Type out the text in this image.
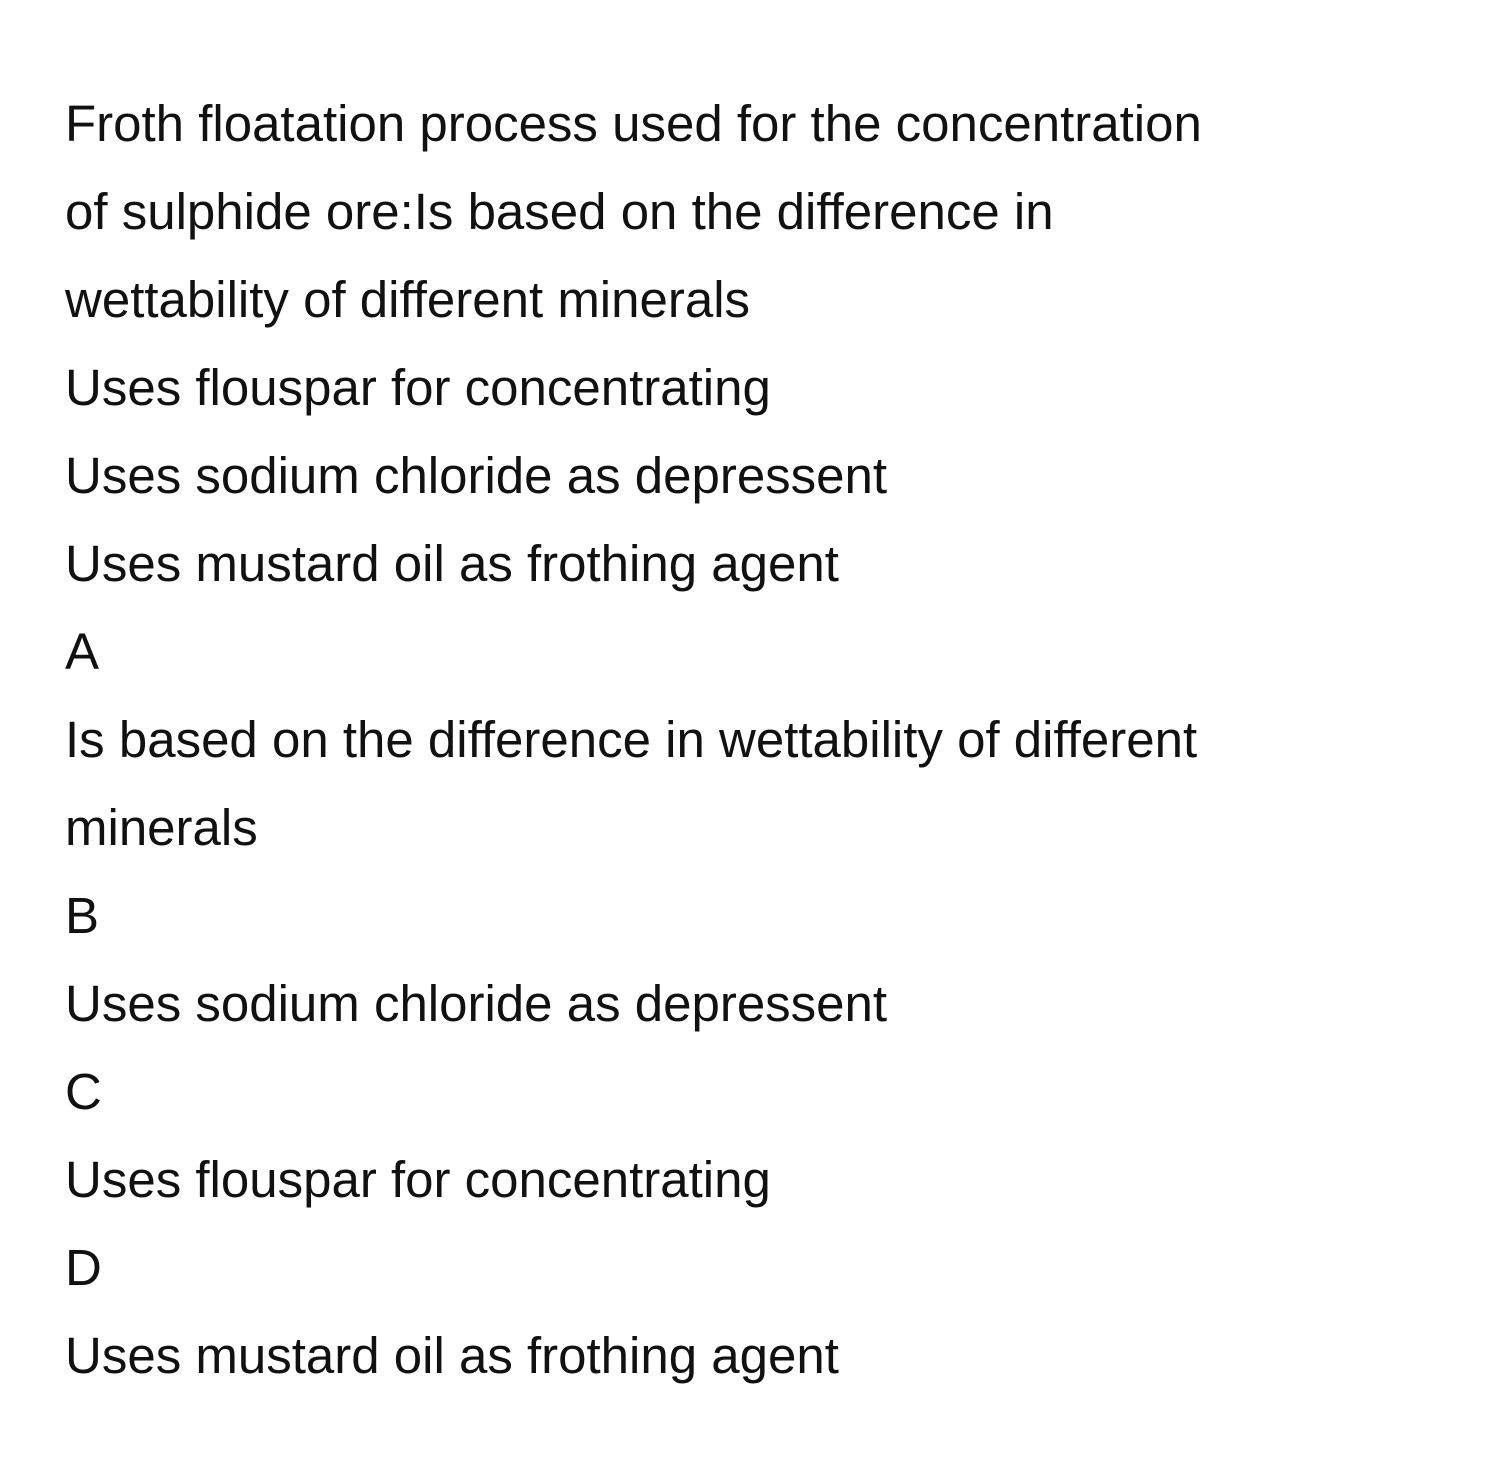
Froth floatation process used for the concentration
of sulphide ore:Is based on the difference in
wettability of different minerals
Uses flouspar for concentrating
Uses sodium chloride as depressent
Uses mustard oil as frothing agent
A
Is based on the difference in wettability of different
minerals
B
Uses sodium chloride as depressent
C
Uses flouspar for concentrating
D
Uses mustard oil as frothing agent
